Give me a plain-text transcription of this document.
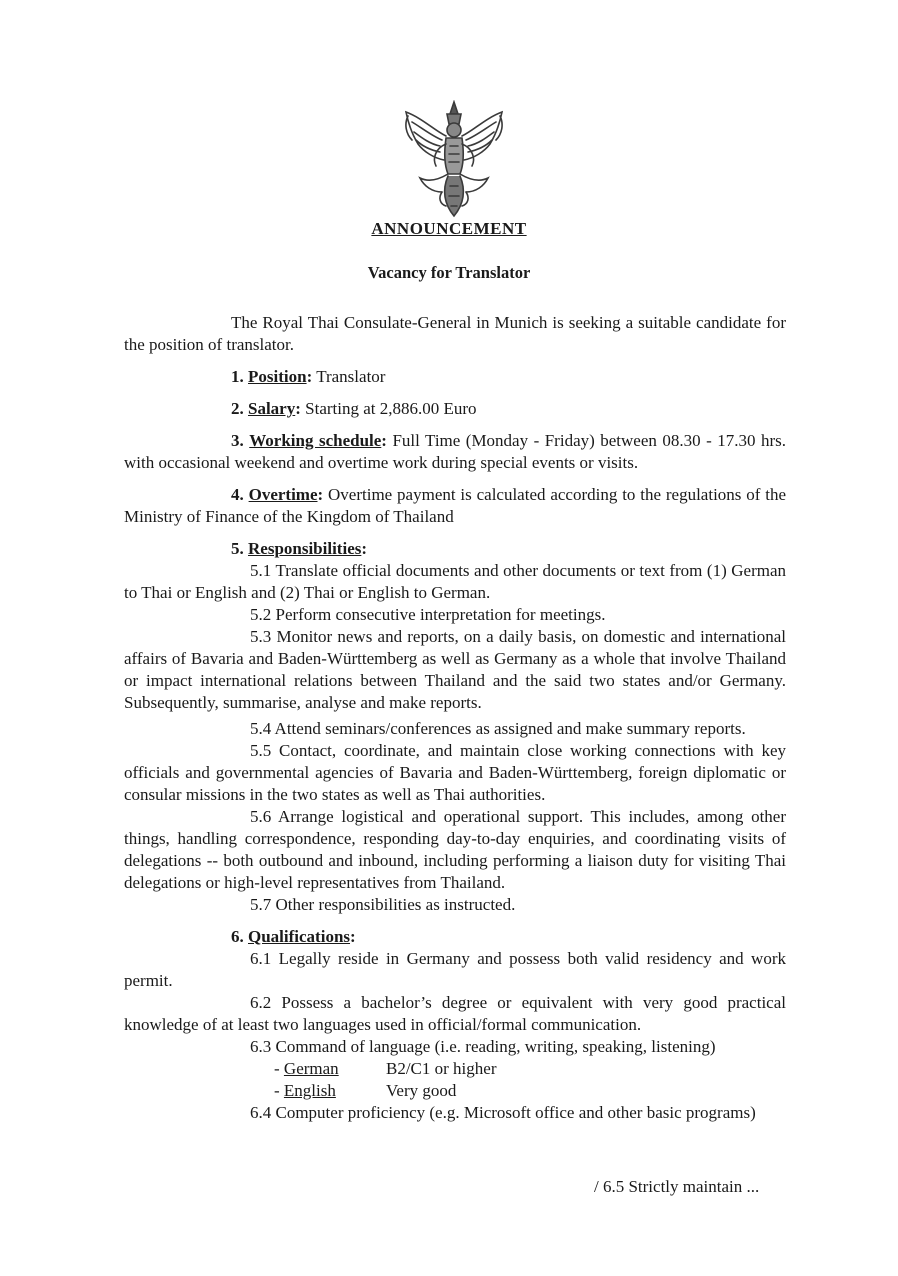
ANNOUNCEMENT
Vacancy for Translator

The Royal Thai Consulate-General in Munich is seeking a suitable candidate for the position of translator.

1. Position: Translator

2. Salary: Starting at 2,886.00 Euro

3. Working schedule: Full Time (Monday - Friday) between 08.30 - 17.30 hrs. with occasional weekend and overtime work during special events or visits.

4. Overtime: Overtime payment is calculated according to the regulations of the Ministry of Finance of the Kingdom of Thailand

5. Responsibilities:

5.1 Translate official documents and other documents or text from (1) German to Thai or English and (2) Thai or English to German.

5.2 Perform consecutive interpretation for meetings.

5.3 Monitor news and reports, on a daily basis, on domestic and international affairs of Bavaria and Baden-Württemberg as well as Germany as a whole that involve Thailand or impact international relations between Thailand and the said two states and/or Germany. Subsequently, summarise, analyse and make reports.

5.4 Attend seminars/conferences as assigned and make summary reports.

5.5 Contact, coordinate, and maintain close working connections with key officials and governmental agencies of Bavaria and Baden-Württemberg, foreign diplomatic or consular missions in the two states as well as Thai authorities.

5.6 Arrange logistical and operational support. This includes, among other things, handling correspondence, responding day-to-day enquiries, and coordinating visits of delegations -- both outbound and inbound, including performing a liaison duty for visiting Thai delegations or high-level representatives from Thailand.

5.7 Other responsibilities as instructed.

6. Qualifications:

6.1 Legally reside in Germany and possess both valid residency and work permit.

6.2 Possess a bachelor’s degree or equivalent with very good practical knowledge of at least two languages used in official/formal communication.

6.3 Command of language (i.e. reading, writing, speaking, listening)

- German	B2/C1 or higher

- English	Very good

6.4 Computer proficiency (e.g. Microsoft office and other basic programs)

/ 6.5 Strictly maintain ...
